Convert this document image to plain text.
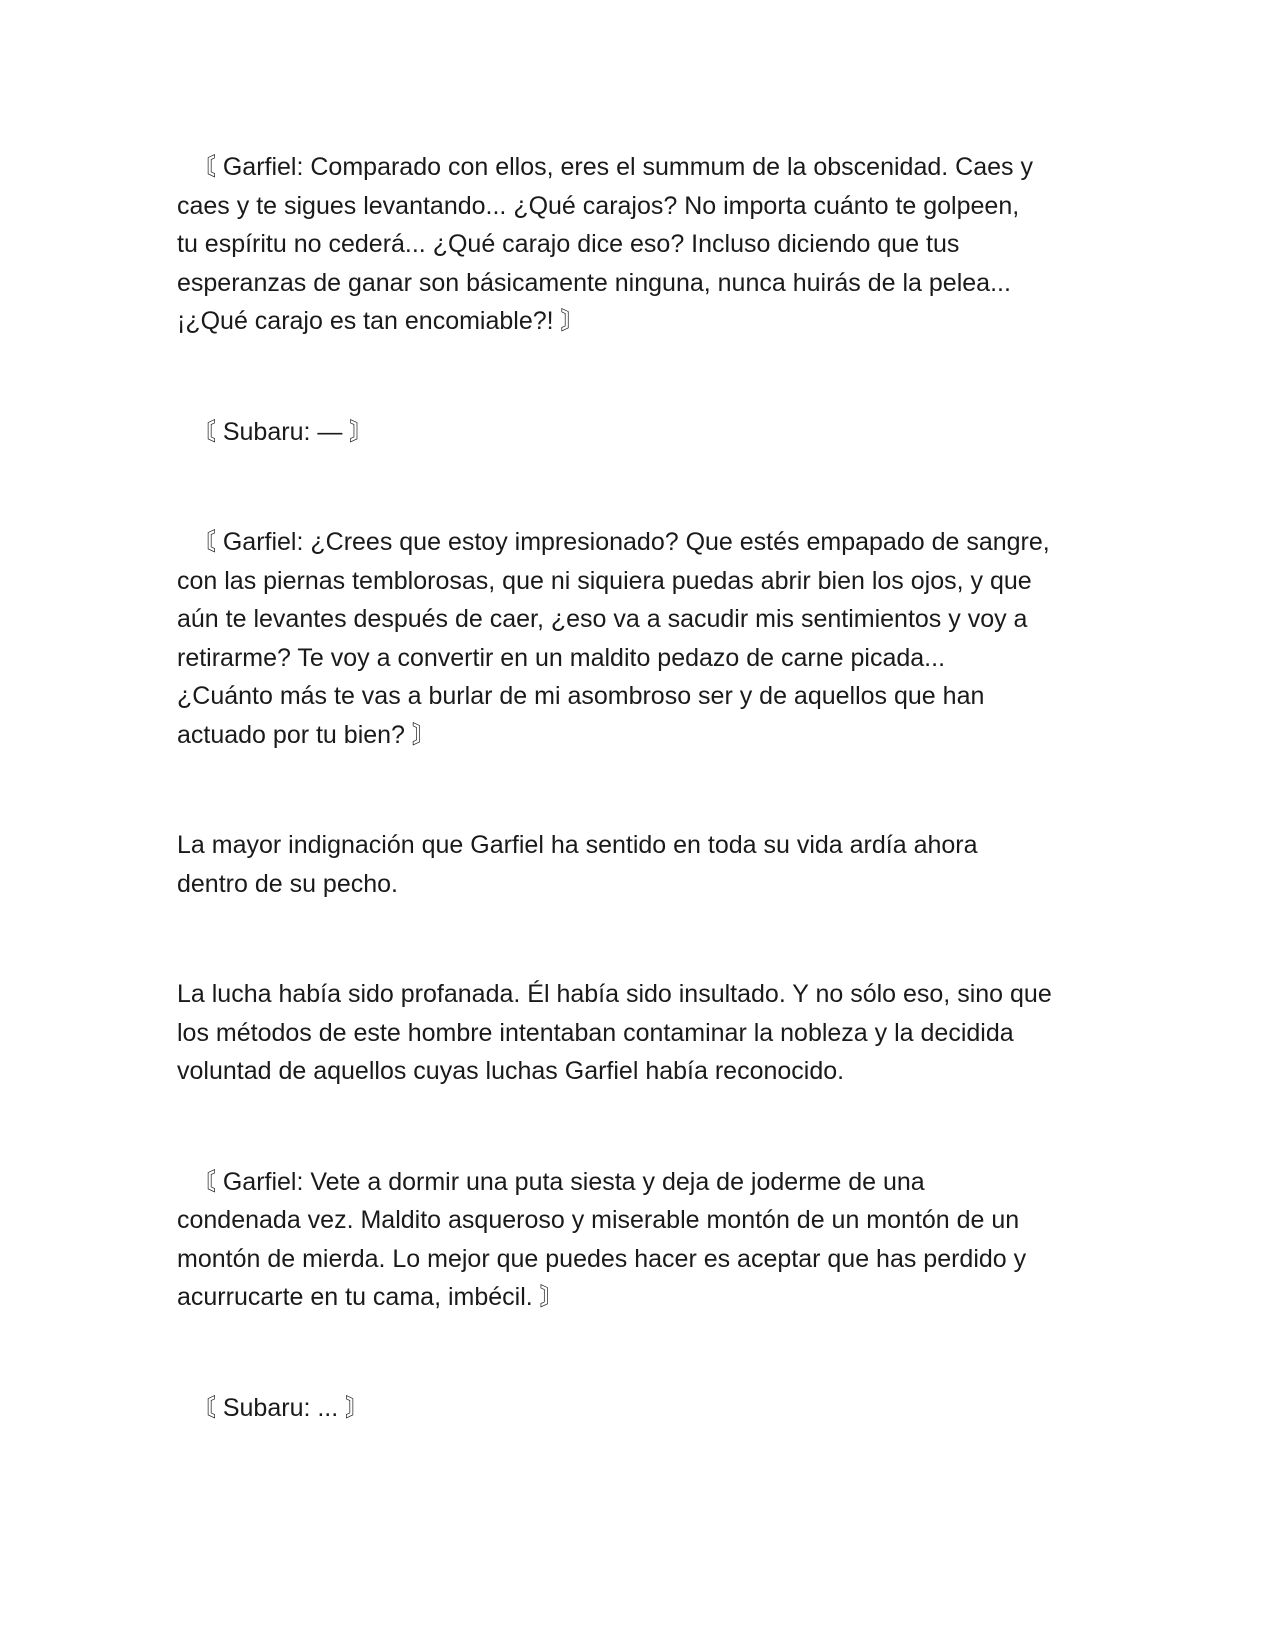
〘 Garfiel: Comparado con ellos, eres el summum de la obscenidad. Caes y
caes y te sigues levantando... ¿Qué carajos? No importa cuánto te golpeen,
tu espíritu no cederá... ¿Qué carajo dice eso? Incluso diciendo que tus
esperanzas de ganar son básicamente ninguna, nunca huirás de la pelea...
¡¿Qué carajo es tan encomiable?! 〙

〘 Subaru: — 〙

〘 Garfiel: ¿Crees que estoy impresionado? Que estés empapado de sangre,
con las piernas temblorosas, que ni siquiera puedas abrir bien los ojos, y que
aún te levantes después de caer, ¿eso va a sacudir mis sentimientos y voy a
retirarme? Te voy a convertir en un maldito pedazo de carne picada...
¿Cuánto más te vas a burlar de mi asombroso ser y de aquellos que han
actuado por tu bien? 〙

La mayor indignación que Garfiel ha sentido en toda su vida ardía ahora
dentro de su pecho.

La lucha había sido profanada. Él había sido insultado. Y no sólo eso, sino que
los métodos de este hombre intentaban contaminar la nobleza y la decidida
voluntad de aquellos cuyas luchas Garfiel había reconocido.

〘 Garfiel: Vete a dormir una puta siesta y deja de joderme de una
condenada vez. Maldito asqueroso y miserable montón de un montón de un
montón de mierda. Lo mejor que puedes hacer es aceptar que has perdido y
acurrucarte en tu cama, imbécil. 〙

〘 Subaru: ... 〙
